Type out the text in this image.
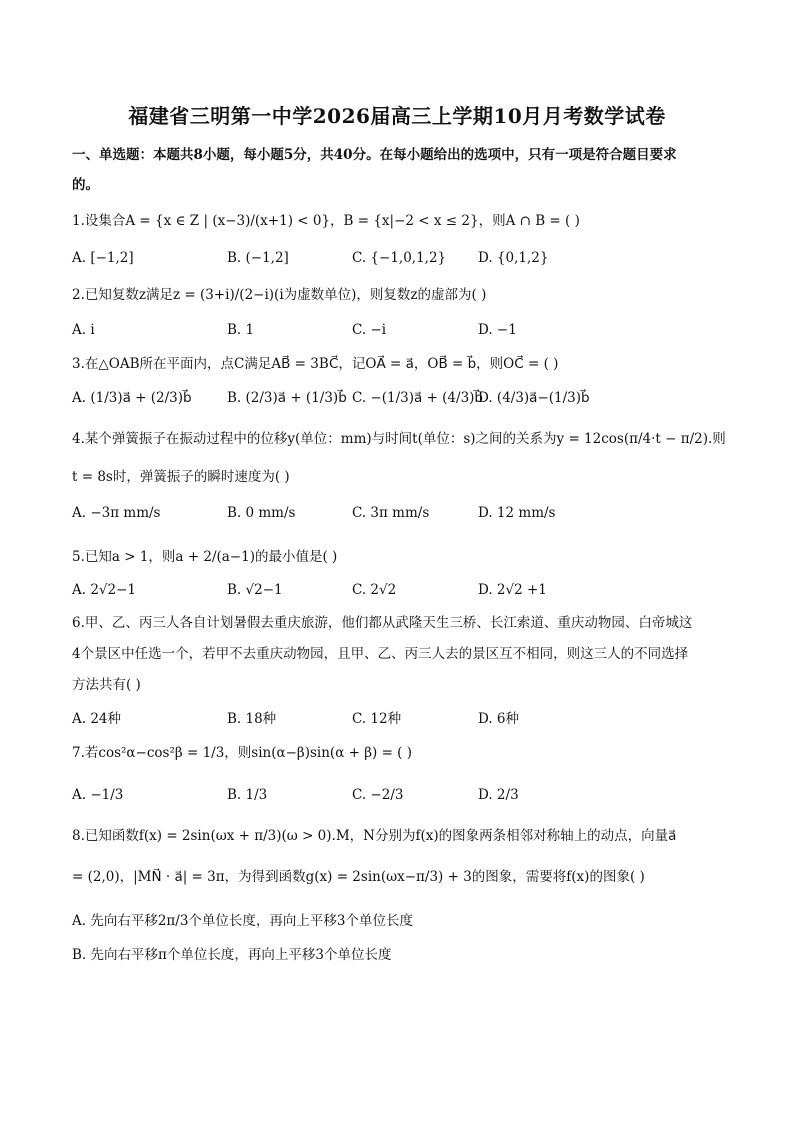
福建省三明第一中学2026届高三上学期10月月考数学试卷
一、单选题：本题共8小题，每小题5分，共40分。在每小题给出的选项中，只有一项是符合题目要求
的。
1.设集合A = {x ∈ Z | (x−3)/(x+1) < 0}，B = {x|−2 < x ≤ 2}，则A ∩ B = ( )
A. [−1,2]	B. (−1,2]	C. {−1,0,1,2} D. {0,1,2}
2.已知复数z满足z = (3+i)/(2−i)(i为虚数单位)，则复数z的虚部为( )
A. i	B. 1	C. −i	D. −1
3.在△OAB所在平面内，点C满足AB⃗ = 3BC⃗，记OA⃗ = a⃗，OB⃗ = b⃗，则OC⃗ = ( )
A. (1/3)a⃗ + (2/3)b⃗	B. (2/3)a⃗ + (1/3)b⃗ C. −(1/3)a⃗ + (4/3)b⃗
D. (4/3)a⃗−(1/3)b⃗
4.某个弹簧振子在振动过程中的位移y(单位：mm)与时间t(单位：s)之间的关系为y = 12cos(π/4·t − π/2).则
t = 8s时，弹簧振子的瞬时速度为( )
A. −3π mm/s	B. 0 mm/s	C. 3π mm/s	D. 12 mm/s
5.已知a > 1，则a + 2/(a−1)的最小值是( )
A. 2√2−1	B. √2−1	C. 2√2	D. 2√2 +1
6.甲、乙、丙三人各自计划暑假去重庆旅游，他们都从武隆天生三桥、长江索道、重庆动物园、白帝城这
4个景区中任选一个，若甲不去重庆动物园，且甲、乙、丙三人去的景区互不相同，则这三人的不同选择
方法共有( )
A. 24种	B. 18种	C. 12种	D. 6种
7.若cos²α−cos²β = 1/3，则sin(α−β)sin(α + β) = ( )
A. −1/3	B. 1/3	C. −2/3	D. 2/3
8.已知函数f(x) = 2sin(ωx + π/3)(ω > 0).M，N分别为f(x)的图象两条相邻对称轴上的动点，向量a⃗
= (2,0)，|MN⃗ · a⃗| = 3π，为得到函数g(x) = 2sin(ωx−π/3) + 3的图象，需要将f(x)的图象( )
A. 先向右平移2π/3个单位长度，再向上平移3个单位长度
B. 先向右平移π个单位长度，再向上平移3个单位长度
